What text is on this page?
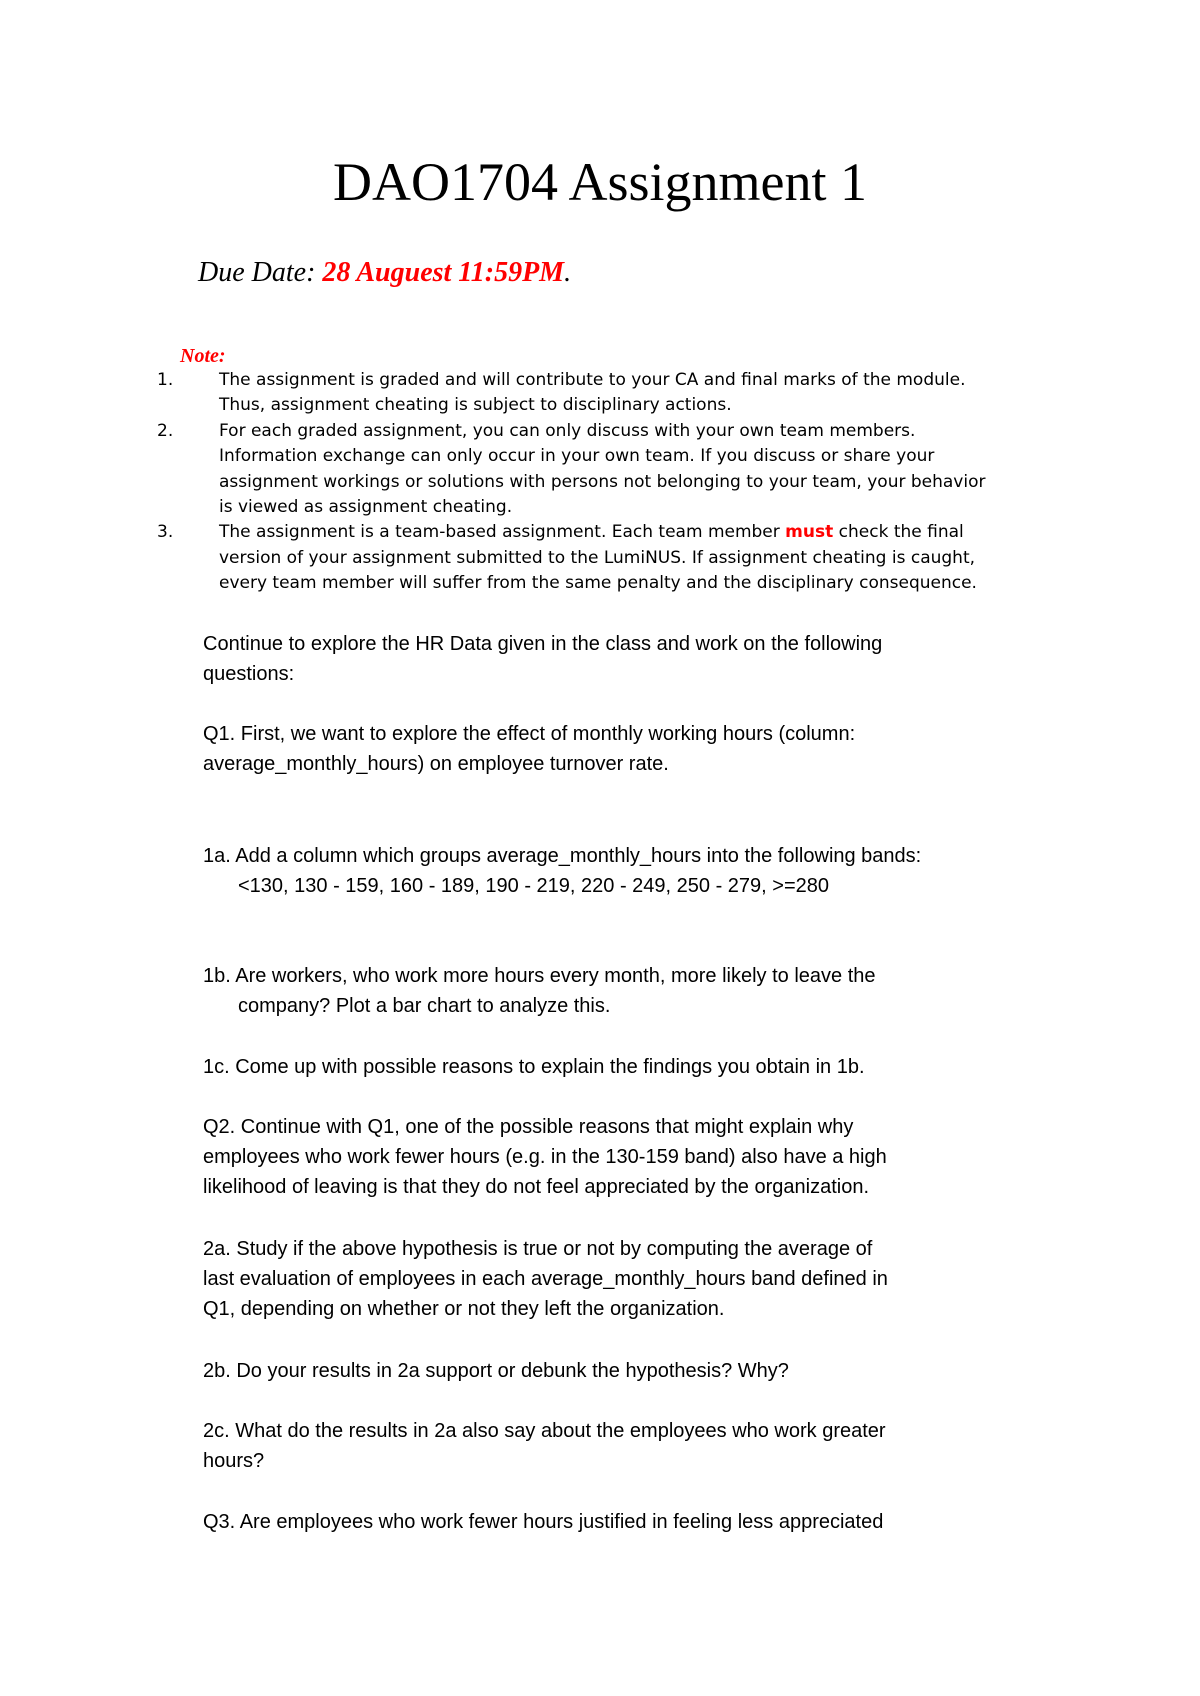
DAO1704 Assignment 1
Due Date: 28 Auguest 11:59PM.
Note:
1.	The assignment is graded and will contribute to your CA and final marks of the module.
Thus, assignment cheating is subject to disciplinary actions.
2.	For each graded assignment, you can only discuss with your own team members.
Information exchange can only occur in your own team. If you discuss or share your
assignment workings or solutions with persons not belonging to your team, your behavior
is viewed as assignment cheating.
3.	The assignment is a team-based assignment. Each team member must check the final
version of your assignment submitted to the LumiNUS. If assignment cheating is caught,
every team member will suffer from the same penalty and the disciplinary consequence.

Continue to explore the HR Data given in the class and work on the following
questions:

Q1. First, we want to explore the effect of monthly working hours (column:
average_monthly_hours) on employee turnover rate.

1a. Add a column which groups average_monthly_hours into the following bands:
<130, 130 - 159, 160 - 189, 190 - 219, 220 - 249, 250 - 279, >=280

1b. Are workers, who work more hours every month, more likely to leave the
company? Plot a bar chart to analyze this.

1c. Come up with possible reasons to explain the findings you obtain in 1b.

Q2. Continue with Q1, one of the possible reasons that might explain why
employees who work fewer hours (e.g. in the 130-159 band) also have a high
likelihood of leaving is that they do not feel appreciated by the organization.

2a. Study if the above hypothesis is true or not by computing the average of
last evaluation of employees in each average_monthly_hours band defined in
Q1, depending on whether or not they left the organization.

2b. Do your results in 2a support or debunk the hypothesis? Why?

2c. What do the results in 2a also say about the employees who work greater
hours?

Q3. Are employees who work fewer hours justified in feeling less appreciated
